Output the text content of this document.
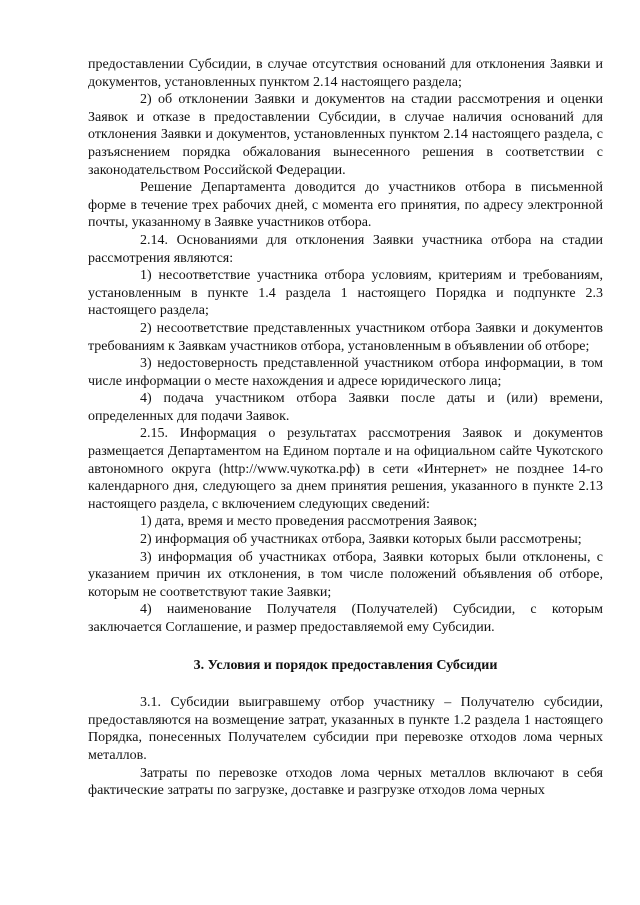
предоставлении Субсидии, в случае отсутствия оснований для отклонения Заявки и документов, установленных пунктом 2.14 настоящего раздела;

2) об отклонении Заявки и документов на стадии рассмотрения и оценки Заявок и отказе в предоставлении Субсидии, в случае наличия оснований для отклонения Заявки и документов, установленных пунктом 2.14 настоящего раздела, с разъяснением порядка обжалования вынесенного решения в соответствии с законодательством Российской Федерации.

Решение Департамента доводится до участников отбора в письменной форме в течение трех рабочих дней, с момента его принятия, по адресу электронной почты, указанному в Заявке участников отбора.

2.14. Основаниями для отклонения Заявки участника отбора на стадии рассмотрения являются:

1) несоответствие участника отбора условиям, критериям и требованиям, установленным в пункте 1.4 раздела 1 настоящего Порядка и подпункте 2.3 настоящего раздела;

2) несоответствие представленных участником отбора Заявки и документов требованиям к Заявкам участников отбора, установленным в объявлении об отборе;

3) недостоверность представленной участником отбора информации, в том числе информации о месте нахождения и адресе юридического лица;

4) подача участником отбора Заявки после даты и (или) времени, определенных для подачи Заявок.

2.15. Информация о результатах рассмотрения Заявок и документов размещается Департаментом на Едином портале и на официальном сайте Чукотского автономного округа (http://www.чукотка.рф) в сети «Интернет» не позднее 14-го календарного дня, следующего за днем принятия решения, указанного в пункте 2.13 настоящего раздела, с включением следующих сведений:

1) дата, время и место проведения рассмотрения Заявок;

2) информация об участниках отбора, Заявки которых были рассмотрены;

3) информация об участниках отбора, Заявки которых были отклонены, с указанием причин их отклонения, в том числе положений объявления об отборе, которым не соответствуют такие Заявки;

4) наименование Получателя (Получателей) Субсидии, с которым заключается Соглашение, и размер предоставляемой ему Субсидии.

3. Условия и порядок предоставления Субсидии

3.1. Субсидии выигравшему отбор участнику – Получателю субсидии, предоставляются на возмещение затрат, указанных в пункте 1.2 раздела 1 настоящего Порядка, понесенных Получателем субсидии при перевозке отходов лома черных металлов.

Затраты по перевозке отходов лома черных металлов включают в себя фактические затраты по загрузке, доставке и разгрузке отходов лома черных
